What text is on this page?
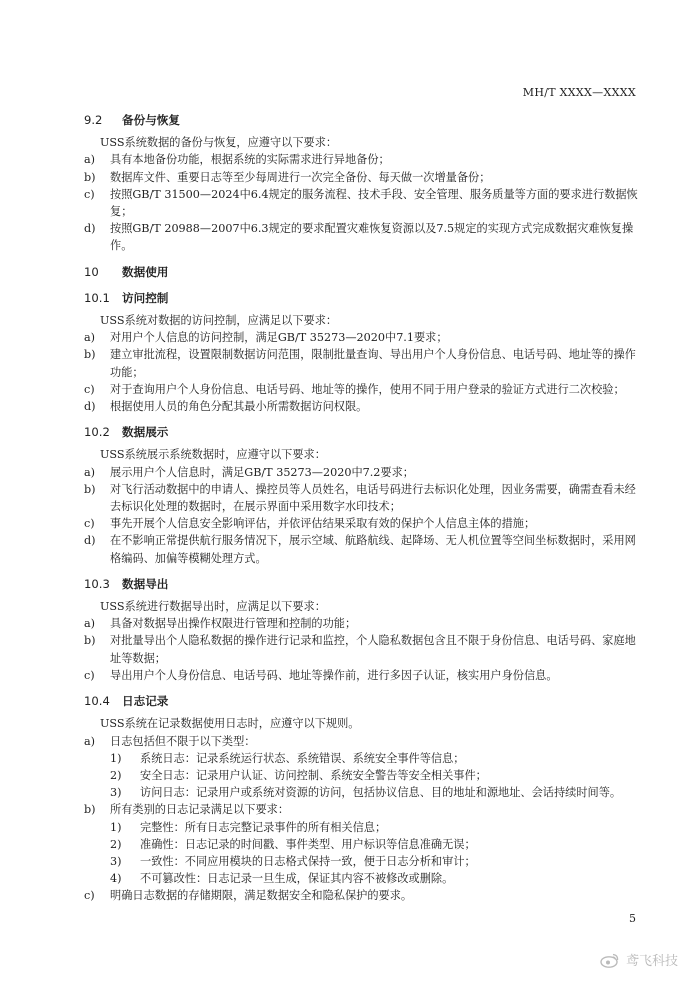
MH/T XXXX—XXXX
9.2 备份与恢复
USS系统数据的备份与恢复，应遵守以下要求：
a)	具有本地备份功能，根据系统的实际需求进行异地备份；
b)	数据库文件、重要日志等至少每周进行一次完全备份、每天做一次增量备份；
c)	按照GB/T 31500—2024中6.4规定的服务流程、技术手段、安全管理、服务质量等方面的要求进行数据恢复；
d)	按照GB/T 20988—2007中6.3规定的要求配置灾难恢复资源以及7.5规定的实现方式完成数据灾难恢复操作。
10 数据使用
10.1 访问控制
USS系统对数据的访问控制，应满足以下要求：
a)	对用户个人信息的访问控制，满足GB/T 35273—2020中7.1要求；
b)	建立审批流程，设置限制数据访问范围，限制批量查询、导出用户个人身份信息、电话号码、地址等的操作功能；
c)	对于查询用户个人身份信息、电话号码、地址等的操作，使用不同于用户登录的验证方式进行二次校验；
d)	根据使用人员的角色分配其最小所需数据访问权限。
10.2 数据展示
USS系统展示系统数据时，应遵守以下要求：
a)	展示用户个人信息时，满足GB/T 35273—2020中7.2要求；
b)	对飞行活动数据中的申请人、操控员等人员姓名，电话号码进行去标识化处理，因业务需要，确需查看未经去标识化处理的数据时，在展示界面中采用数字水印技术；
c)	事先开展个人信息安全影响评估，并依评估结果采取有效的保护个人信息主体的措施；
d)	在不影响正常提供航行服务情况下，展示空域、航路航线、起降场、无人机位置等空间坐标数据时，采用网格编码、加偏等模糊处理方式。
10.3 数据导出
USS系统进行数据导出时，应满足以下要求：
a)	具备对数据导出操作权限进行管理和控制的功能；
b)	对批量导出个人隐私数据的操作进行记录和监控，个人隐私数据包含且不限于身份信息、电话号码、家庭地址等数据；
c)	导出用户个人身份信息、电话号码、地址等操作前，进行多因子认证，核实用户身份信息。
10.4 日志记录
USS系统在记录数据使用日志时，应遵守以下规则。
a)	日志包括但不限于以下类型：
1)	系统日志：记录系统运行状态、系统错误、系统安全事件等信息；
2)	安全日志：记录用户认证、访问控制、系统安全警告等安全相关事件；
3)	访问日志：记录用户或系统对资源的访问，包括协议信息、目的地址和源地址、会话持续时间等。
b)	所有类别的日志记录满足以下要求：
1)	完整性：所有日志完整记录事件的所有相关信息；
2)	准确性：日志记录的时间戳、事件类型、用户标识等信息准确无误；
3)	一致性：不同应用模块的日志格式保持一致，便于日志分析和审计；
4)	不可篡改性：日志记录一旦生成，保证其内容不被修改或删除。
c)	明确日志数据的存储期限，满足数据安全和隐私保护的要求。
5
鸢飞科技
